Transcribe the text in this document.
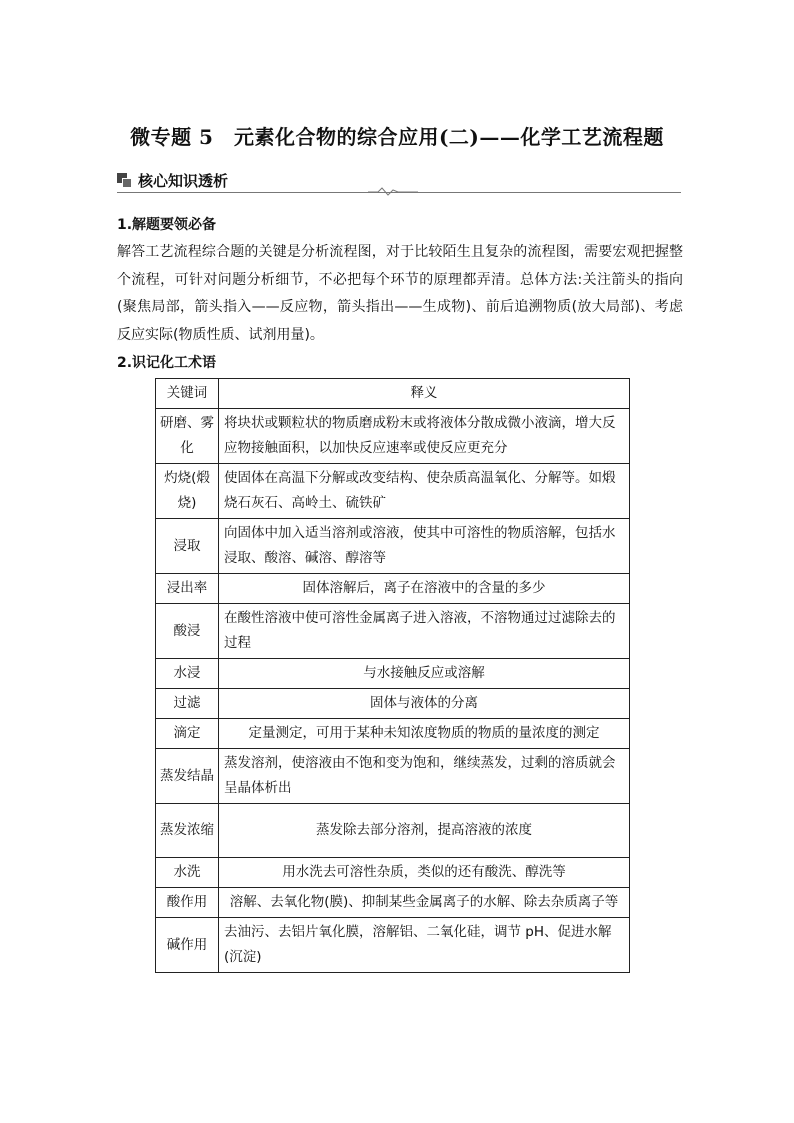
微专题 5　元素化合物的综合应用(二)——化学工艺流程题
核心知识透析
1.解题要领必备
解答工艺流程综合题的关键是分析流程图，对于比较陌生且复杂的流程图，需要宏观把握整个流程，可针对问题分析细节，不必把每个环节的原理都弄清。总体方法:关注箭头的指向(聚焦局部，箭头指入——反应物，箭头指出——生成物)、前后追溯物质(放大局部)、考虑反应实际(物质性质、试剂用量)。
2.识记化工术语
关键词	释义
研磨、雾化	将块状或颗粒状的物质磨成粉末或将液体分散成微小液滴，增大反应物接触面积，以加快反应速率或使反应更充分
灼烧(煅烧)	使固体在高温下分解或改变结构、使杂质高温氧化、分解等。如煅烧石灰石、高岭土、硫铁矿
浸取	向固体中加入适当溶剂或溶液，使其中可溶性的物质溶解，包括水浸取、酸溶、碱溶、醇溶等
浸出率	固体溶解后，离子在溶液中的含量的多少
酸浸	在酸性溶液中使可溶性金属离子进入溶液，不溶物通过过滤除去的过程
水浸	与水接触反应或溶解
过滤	固体与液体的分离
滴定	定量测定，可用于某种未知浓度物质的物质的量浓度的测定
蒸发结晶	蒸发溶剂，使溶液由不饱和变为饱和，继续蒸发，过剩的溶质就会呈晶体析出
蒸发浓缩	蒸发除去部分溶剂，提高溶液的浓度
水洗	用水洗去可溶性杂质，类似的还有酸洗、醇洗等
酸作用	溶解、去氧化物(膜)、抑制某些金属离子的水解、除去杂质离子等
碱作用	去油污、去铝片氧化膜，溶解铝、二氧化硅，调节 pH、促进水解(沉淀)
